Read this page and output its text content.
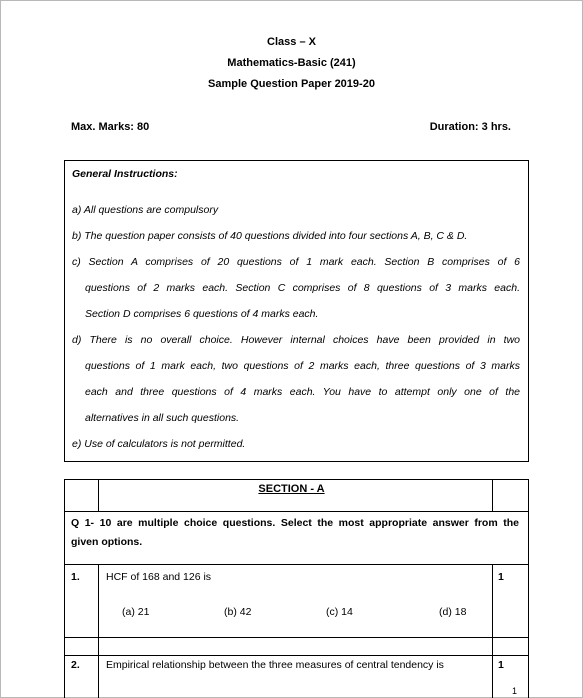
Class – X
Mathematics-Basic (241)
Sample Question Paper 2019-20
Max. Marks: 80	Duration: 3 hrs.
General Instructions:
a) All questions are compulsory
b) The question paper consists of 40 questions divided into four sections A, B, C & D.
c) Section A comprises of 20 questions of 1 mark each. Section B comprises of 6
questions of 2 marks each. Section C comprises of 8 questions of 3 marks each.
Section D comprises 6 questions of 4 marks each.
d) There is no overall choice. However internal choices have been provided in two
questions of 1 mark each, two questions of 2 marks each, three questions of 3 marks
each and three questions of 4 marks each. You have to attempt only one of the
alternatives in all such questions.
e) Use of calculators is not permitted.
SECTION - A
Q 1- 10 are multiple choice questions. Select the most appropriate answer from the
given options.
1. HCF of 168 and 126 is	1
(a) 21	(b) 42	(c) 14	(d) 18
2. Empirical relationship between the three measures of central tendency is	1
1
